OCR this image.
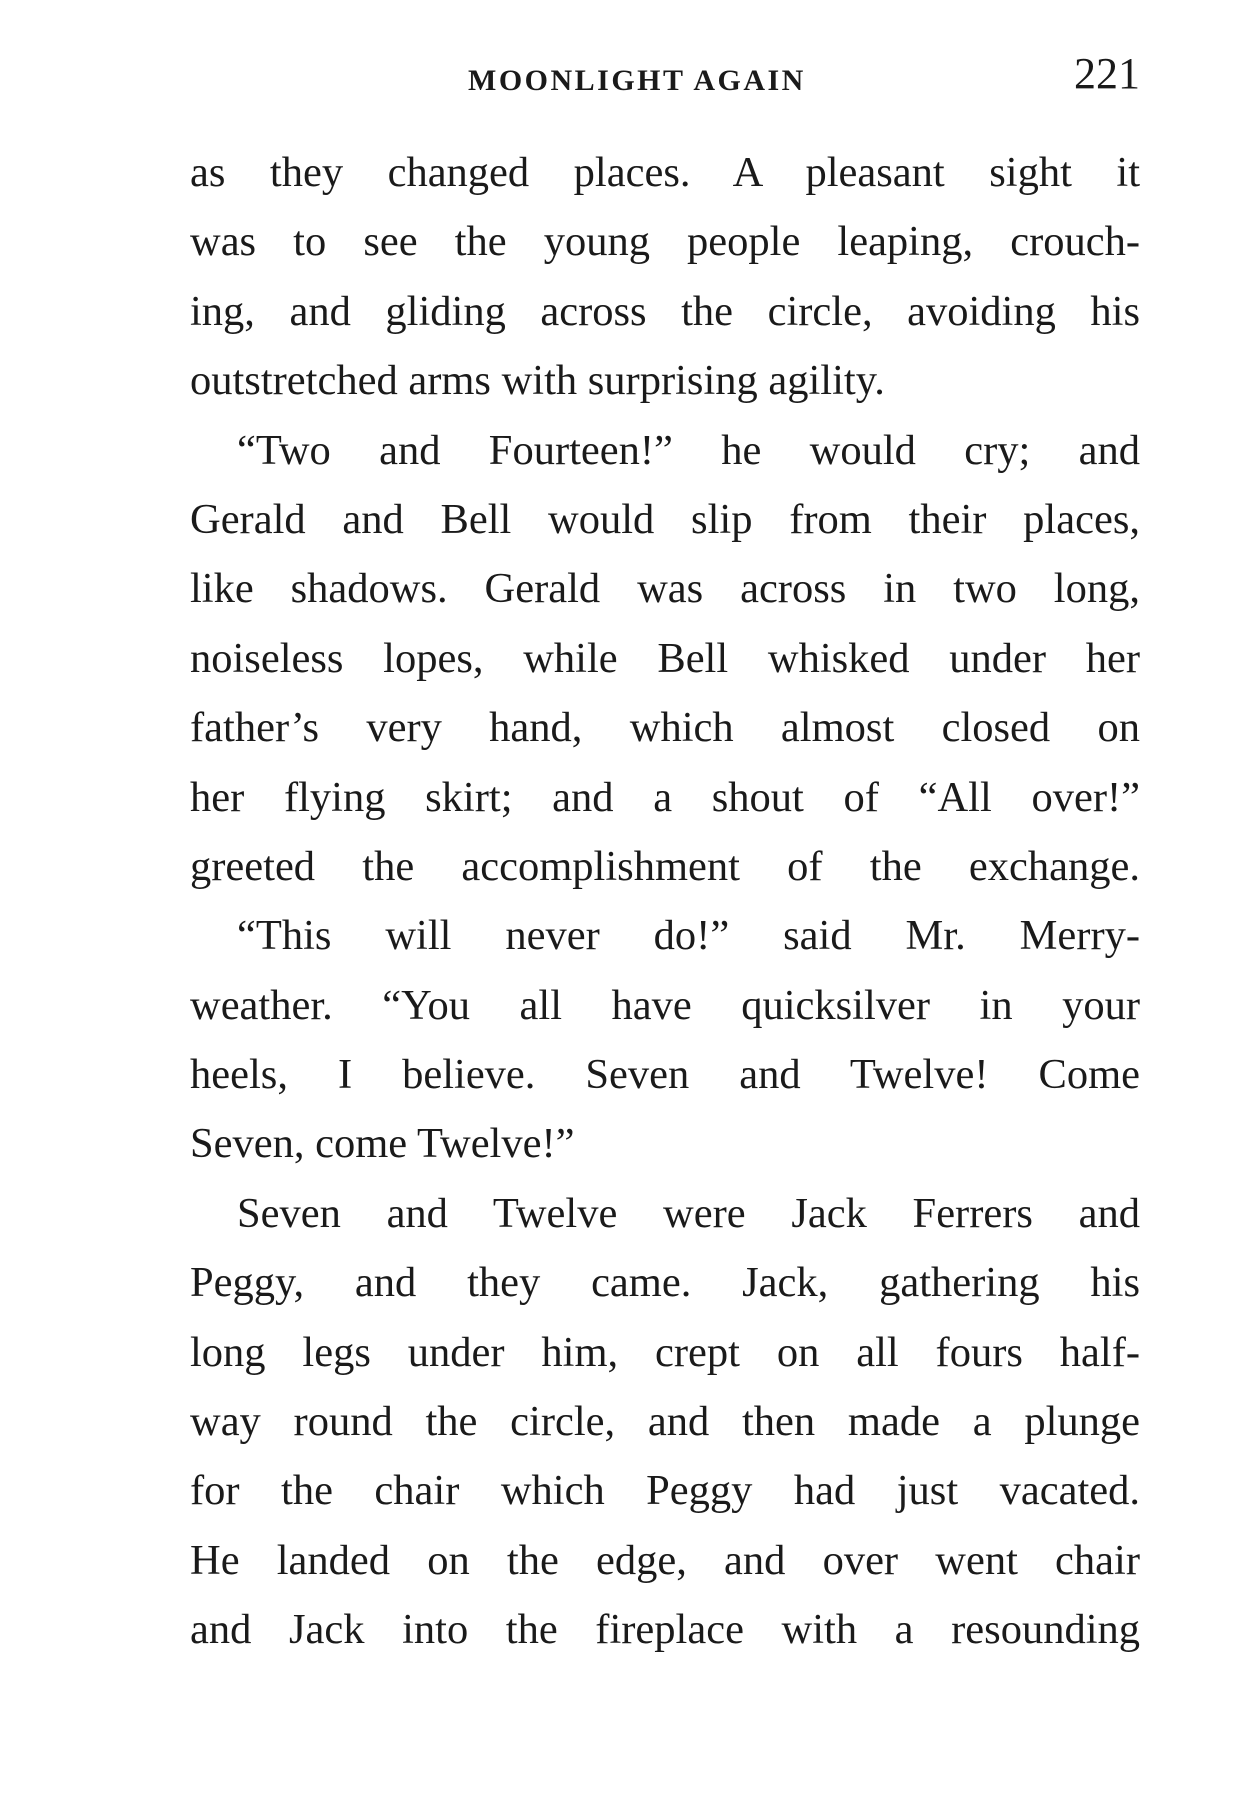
MOONLIGHT AGAIN	221
as they changed places. A pleasant sight it
was to see the young people leaping, crouch-
ing, and gliding across the circle, avoiding his
outstretched arms with surprising agility.
“Two and Fourteen!” he would cry; and
Gerald and Bell would slip from their places,
like shadows. Gerald was across in two long,
noiseless lopes, while Bell whisked under her
father’s very hand, which almost closed on
her flying skirt; and a shout of “All over!”
greeted the accomplishment of the exchange.
“This will never do!” said Mr. Merry-
weather. “You all have quicksilver in your
heels, I believe. Seven and Twelve! Come
Seven, come Twelve!”
Seven and Twelve were Jack Ferrers and
Peggy, and they came. Jack, gathering his
long legs under him, crept on all fours half-
way round the circle, and then made a plunge
for the chair which Peggy had just vacated.
He landed on the edge, and over went chair
and Jack into the fireplace with a resounding
